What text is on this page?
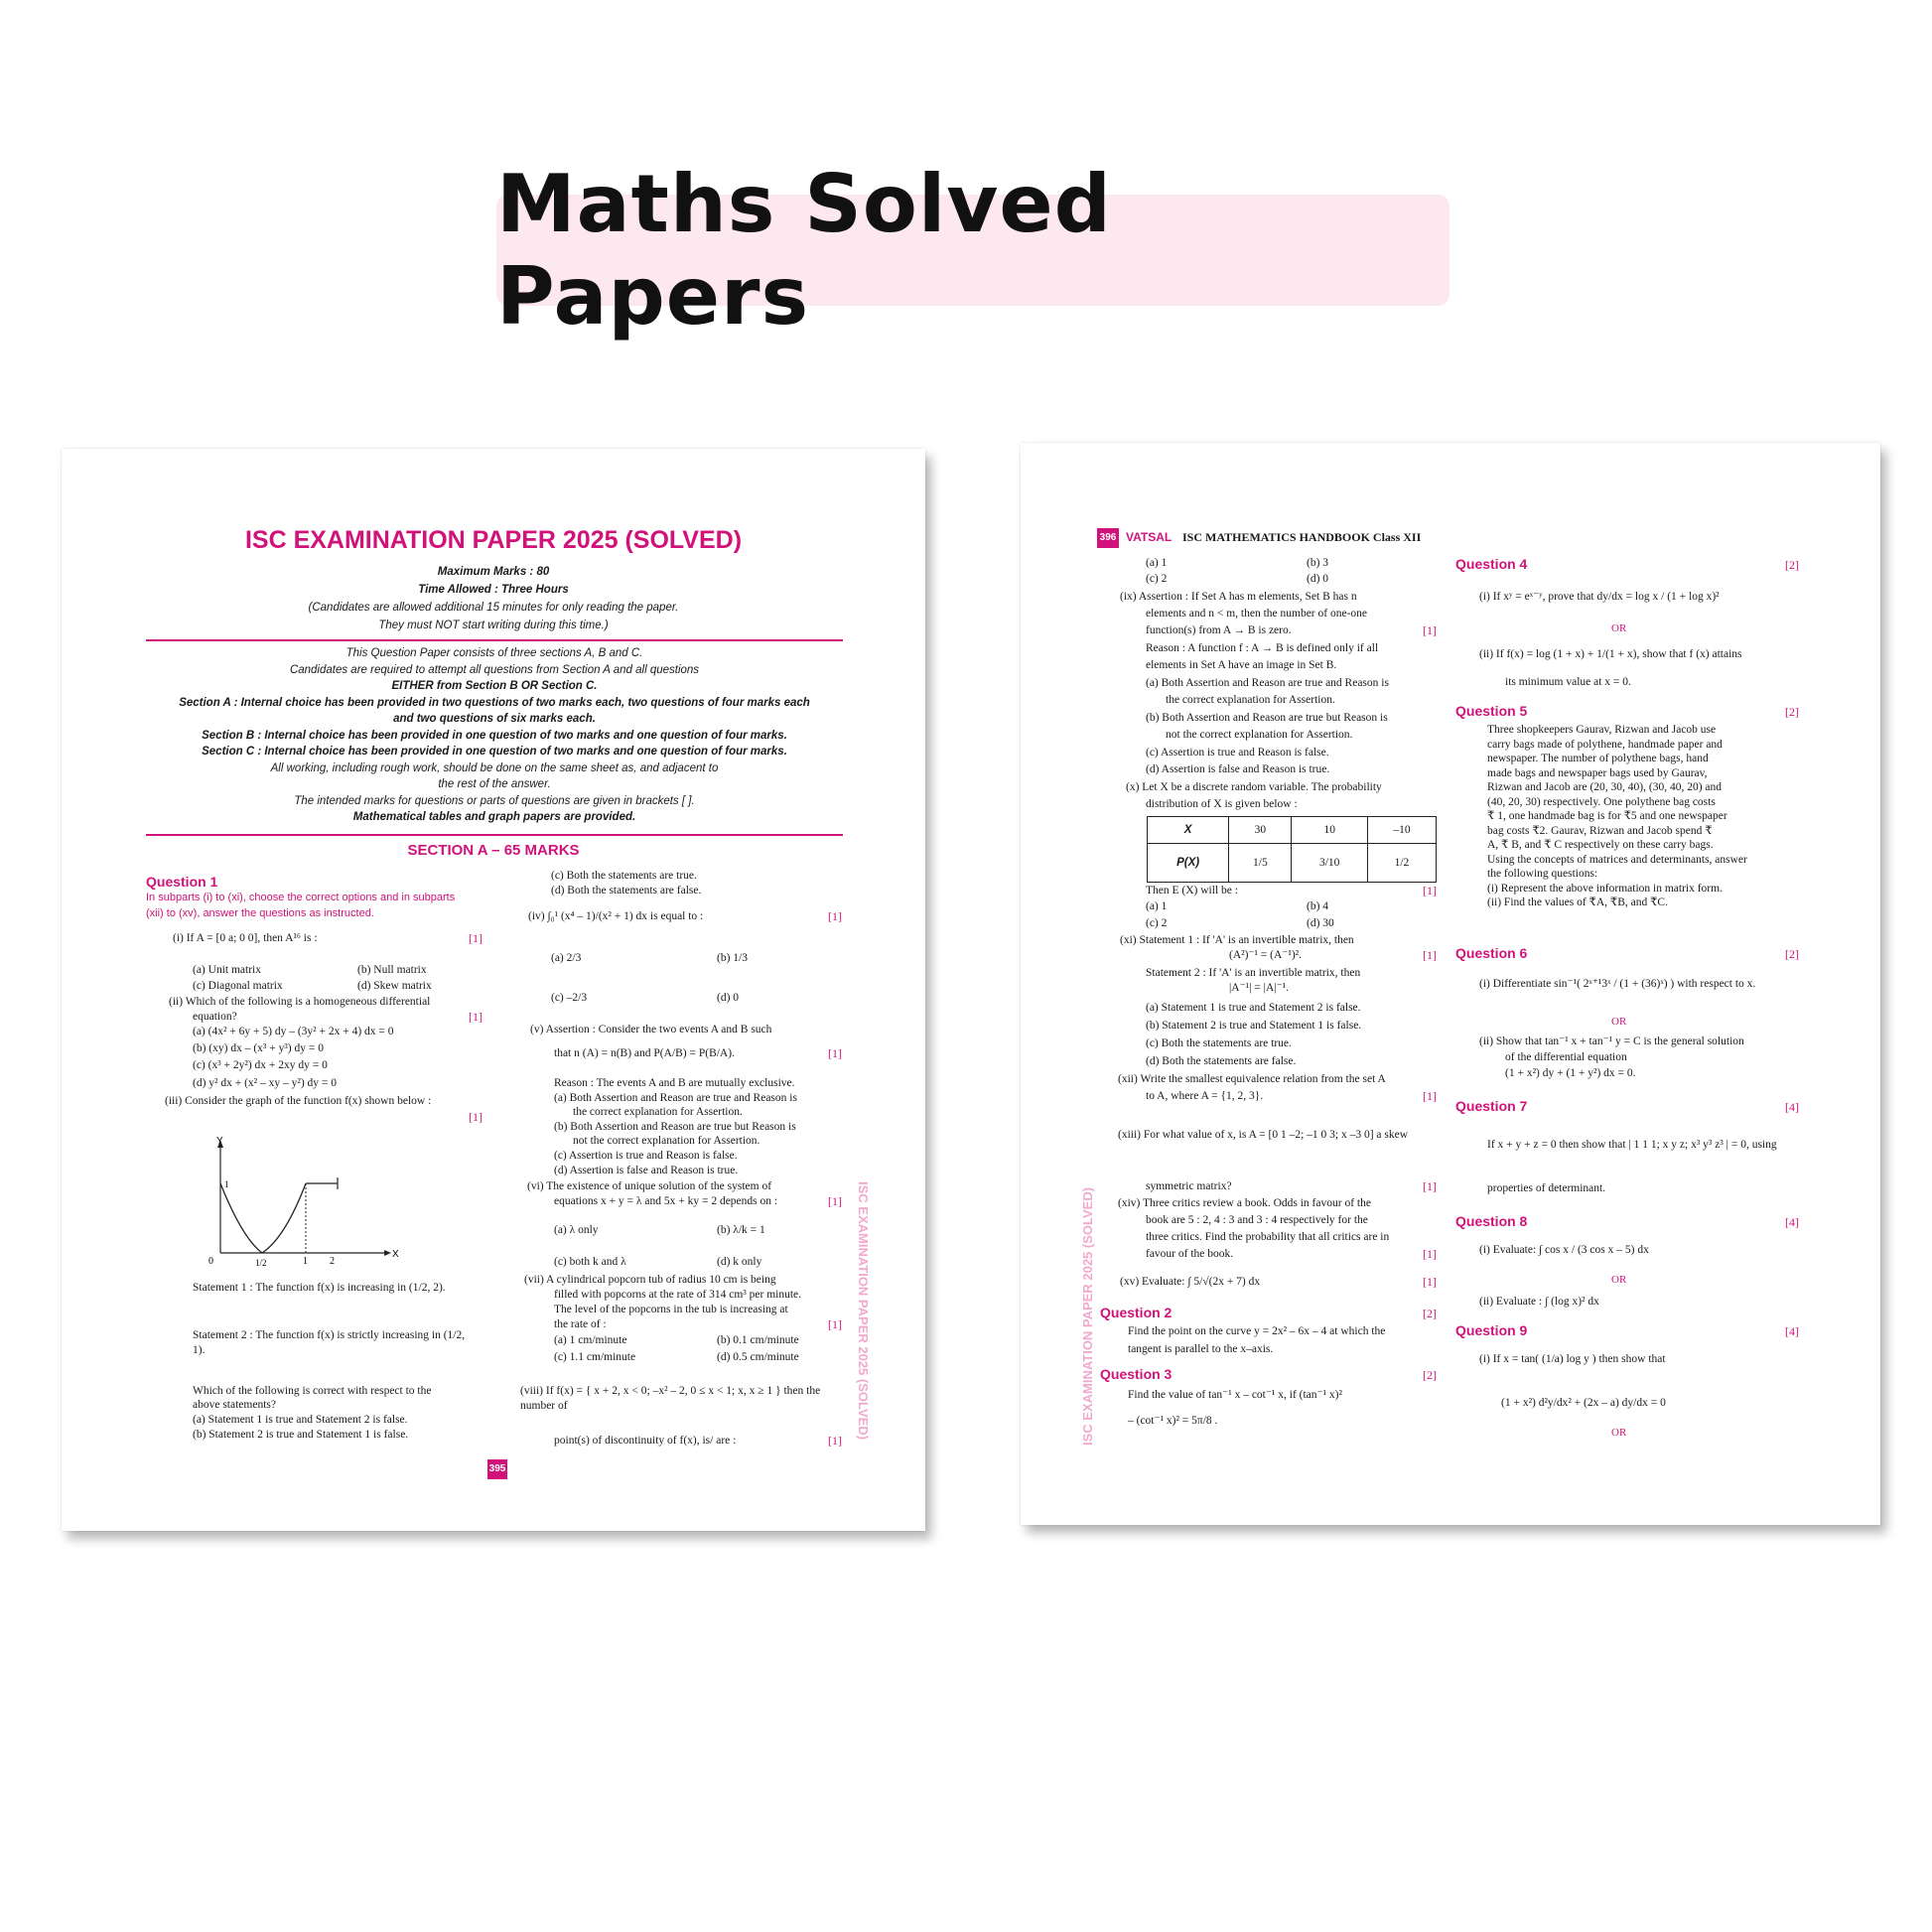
Maths Solved Papers
ISC EXAMINATION PAPER 2025 (SOLVED)
Maximum Marks : 80
Time Allowed : Three Hours
(Candidates are allowed additional 15 minutes for only reading the paper.
They must NOT start writing during this time.)
This Question Paper consists of three sections A, B and C.
Candidates are required to attempt all questions from Section A and all questions
EITHER from Section B OR Section C.
Section A : Internal choice has been provided in two questions of two marks each, two questions of four marks each
and two questions of six marks each.
Section B : Internal choice has been provided in one question of two marks and one question of four marks.
Section C : Internal choice has been provided in one question of two marks and one question of four marks.
All working, including rough work, should be done on the same sheet as, and adjacent to
the rest of the answer.
The intended marks for questions or parts of questions are given in brackets [ ].
Mathematical tables and graph papers are provided.
SECTION A – 65 MARKS
Question 1
In subparts (i) to (xi), choose the correct options and in subparts
(xii) to (xv), answer the questions as instructed.
(i) If A = [0 a; 0 0], then A¹⁶ is :	[1]
(a) Unit matrix	(b) Null matrix
(c) Diagonal matrix	(d) Skew matrix
(ii) Which of the following is a homogeneous differential
equation?	[1]
(a) (4x² + 6y + 5) dy – (3y² + 2x + 4) dx = 0
(b) (xy) dx – (x³ + y³) dy = 0
(c) (x³ + 2y²) dx + 2xy dy = 0
(d) y² dx + (x² – xy – y²) dy = 0
(iii) Consider the graph of the function f(x) shown below :
[1]
Y
X
0
1
1/2	1 2
Statement 1 : The function f(x) is increasing in (1/2, 2).
Statement 2 : The function f(x) is strictly increasing in (1/2, 1).
Which of the following is correct with respect to the
above statements?
(a) Statement 1 is true and Statement 2 is false.
(b) Statement 2 is true and Statement 1 is false.
(c) Both the statements are true.
(d) Both the statements are false.
(iv) ∫₀¹ (x⁴ – 1)/(x² + 1) dx is equal to :	[1]
(a) 2/3	(b) 1/3
(c) –2/3	(d) 0
(v) Assertion : Consider the two events A and B such
that n (A) = n(B) and P(A/B) = P(B/A).	[1]
Reason : The events A and B are mutually exclusive.
(a) Both Assertion and Reason are true and Reason is
the correct explanation for Assertion.
(b) Both Assertion and Reason are true but Reason is
not the correct explanation for Assertion.
(c) Assertion is true and Reason is false.
(d) Assertion is false and Reason is true.
(vi) The existence of unique solution of the system of
equations x + y = λ and 5x + ky = 2 depends on :	[1]
(a) λ only	(b) λ/k = 1
(c) both k and λ	(d) k only
(vii) A cylindrical popcorn tub of radius 10 cm is being
filled with popcorns at the rate of 314 cm³ per minute.
The level of the popcorns in the tub is increasing at
the rate of :	[1]
(a) 1 cm/minute	(b) 0.1 cm/minute
(c) 1.1 cm/minute	(d) 0.5 cm/minute
(viii) If f(x) = { x + 2, x < 0; –x² – 2, 0 ≤ x < 1; x, x ≥ 1 } then the number of
point(s) of discontinuity of f(x), is/ are :	[1]
ISC EXAMINATION PAPER 2025 (SOLVED)
395
396 VATSAL ISC MATHEMATICS HANDBOOK Class XII
(a) 1	(b) 3
(c) 2	(d) 0
(ix) Assertion : If Set A has m elements, Set B has n
elements and n < m, then the number of one-one
function(s) from A → B is zero.	[1]
Reason : A function f : A → B is defined only if all
elements in Set A have an image in Set B.
(a) Both Assertion and Reason are true and Reason is
the correct explanation for Assertion.
(b) Both Assertion and Reason are true but Reason is
not the correct explanation for Assertion.
(c) Assertion is true and Reason is false.
(d) Assertion is false and Reason is true.
(x) Let X be a discrete random variable. The probability
distribution of X is given below :
X	30	10	–10
P(X)	1/5	3/10	1/2
Then E (X) will be :	[1]
(a) 1	(b) 4
(c) 2	(d) 30
(xi) Statement 1 : If 'A' is an invertible matrix, then
(A²)⁻¹ = (A⁻¹)².	[1]
Statement 2 : If 'A' is an invertible matrix, then
|A⁻¹| = |A|⁻¹.
(a) Statement 1 is true and Statement 2 is false.
(b) Statement 2 is true and Statement 1 is false.
(c) Both the statements are true.
(d) Both the statements are false.
(xii) Write the smallest equivalence relation from the set A
to A, where A = {1, 2, 3}.	[1]
(xiii) For what value of x, is A = [0 1 –2; –1 0 3; x –3 0] a skew
symmetric matrix?	[1]
(xiv) Three critics review a book. Odds in favour of the
book are 5 : 2, 4 : 3 and 3 : 4 respectively for the
three critics. Find the probability that all critics are in
favour of the book.	[1]
(xv) Evaluate: ∫ 5/√(2x + 7) dx	[1]
Question 2	[2]
Find the point on the curve y = 2x² – 6x – 4 at which the
tangent is parallel to the x–axis.
Question 3	[2]
Find the value of tan⁻¹ x – cot⁻¹ x, if (tan⁻¹ x)²
– (cot⁻¹ x)² = 5π/8 .
ISC EXAMINATION PAPER 2025 (SOLVED)
Question 4	[2]
(i) If xʸ = eˣ⁻ʸ, prove that dy/dx = log x / (1 + log x)²
OR
(ii) If f(x) = log (1 + x) + 1/(1 + x), show that f (x) attains
its minimum value at x = 0.
Question 5	[2]
Three shopkeepers Gaurav, Rizwan and Jacob use
carry bags made of polythene, handmade paper and
newspaper. The number of polythene bags, hand
made bags and newspaper bags used by Gaurav,
Rizwan and Jacob are (20, 30, 40), (30, 40, 20) and
(40, 20, 30) respectively. One polythene bag costs
₹ 1, one handmade bag is for ₹5 and one newspaper
bag costs ₹2. Gaurav, Rizwan and Jacob spend ₹
A, ₹ B, and ₹ C respectively on these carry bags.
Using the concepts of matrices and determinants, answer
the following questions:
(i) Represent the above information in matrix form.
(ii) Find the values of ₹A, ₹B, and ₹C.
Question 6	[2]
(i) Differentiate sin⁻¹( 2ˣ⁺¹3ˣ / (1 + (36)ˣ) ) with respect to x.
OR
(ii) Show that tan⁻¹ x + tan⁻¹ y = C is the general solution
of the differential equation
(1 + x²) dy + (1 + y²) dx = 0.
Question 7	[4]
If x + y + z = 0 then show that | 1 1 1; x y z; x³ y³ z³ | = 0, using
properties of determinant.
Question 8	[4]
(i) Evaluate: ∫ cos x / (3 cos x – 5) dx
OR
(ii) Evaluate : ∫ (log x)² dx
Question 9	[4]
(i) If x = tan( (1/a) log y ) then show that
(1 + x²) d²y/dx² + (2x – a) dy/dx = 0
OR
